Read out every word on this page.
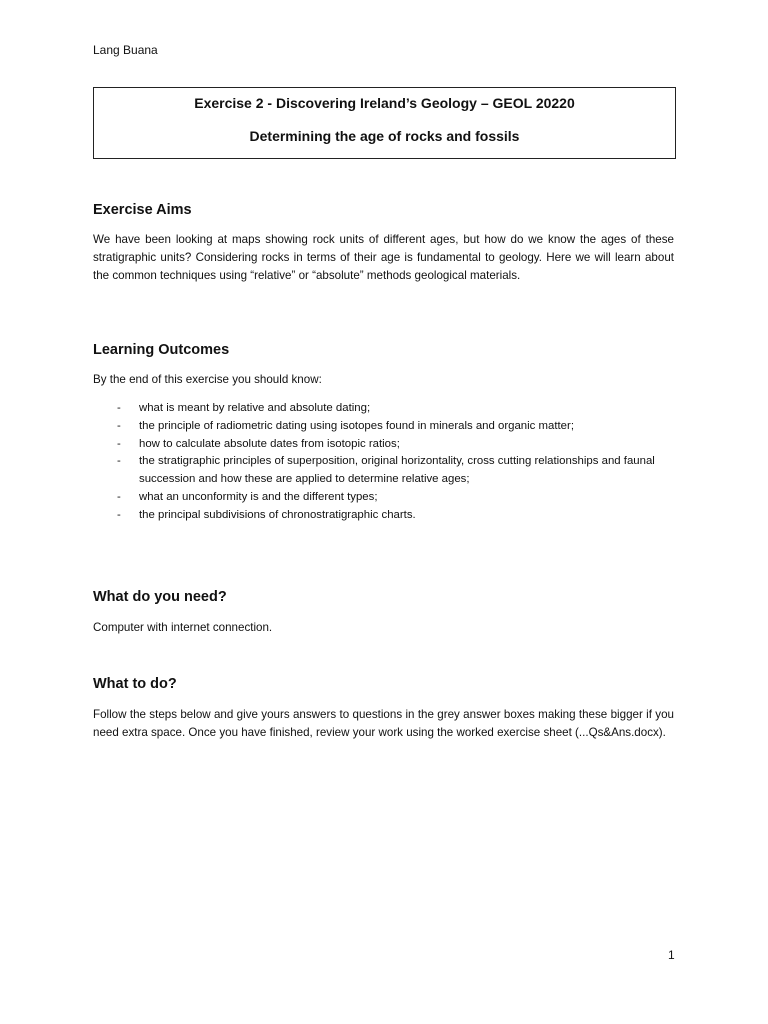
Lang Buana
Exercise 2 - Discovering Ireland’s Geology – GEOL 20220
Determining the age of rocks and fossils
Exercise Aims
We have been looking at maps showing rock units of different ages, but how do we know the ages of these stratigraphic units? Considering rocks in terms of their age is fundamental to geology. Here we will learn about the common techniques using “relative” or “absolute” methods geological materials.
Learning Outcomes
By the end of this exercise you should know:
- what is meant by relative and absolute dating;
- the principle of radiometric dating using isotopes found in minerals and organic matter;
- how to calculate absolute dates from isotopic ratios;
- the stratigraphic principles of superposition, original horizontality, cross cutting relationships and faunal succession and how these are applied to determine relative ages;
- what an unconformity is and the different types;
- the principal subdivisions of chronostratigraphic charts.
What do you need?
Computer with internet connection.
What to do?
Follow the steps below and give yours answers to questions in the grey answer boxes making these bigger if you need extra space. Once you have finished, review your work using the worked exercise sheet (...Qs&Ans.docx).
1
